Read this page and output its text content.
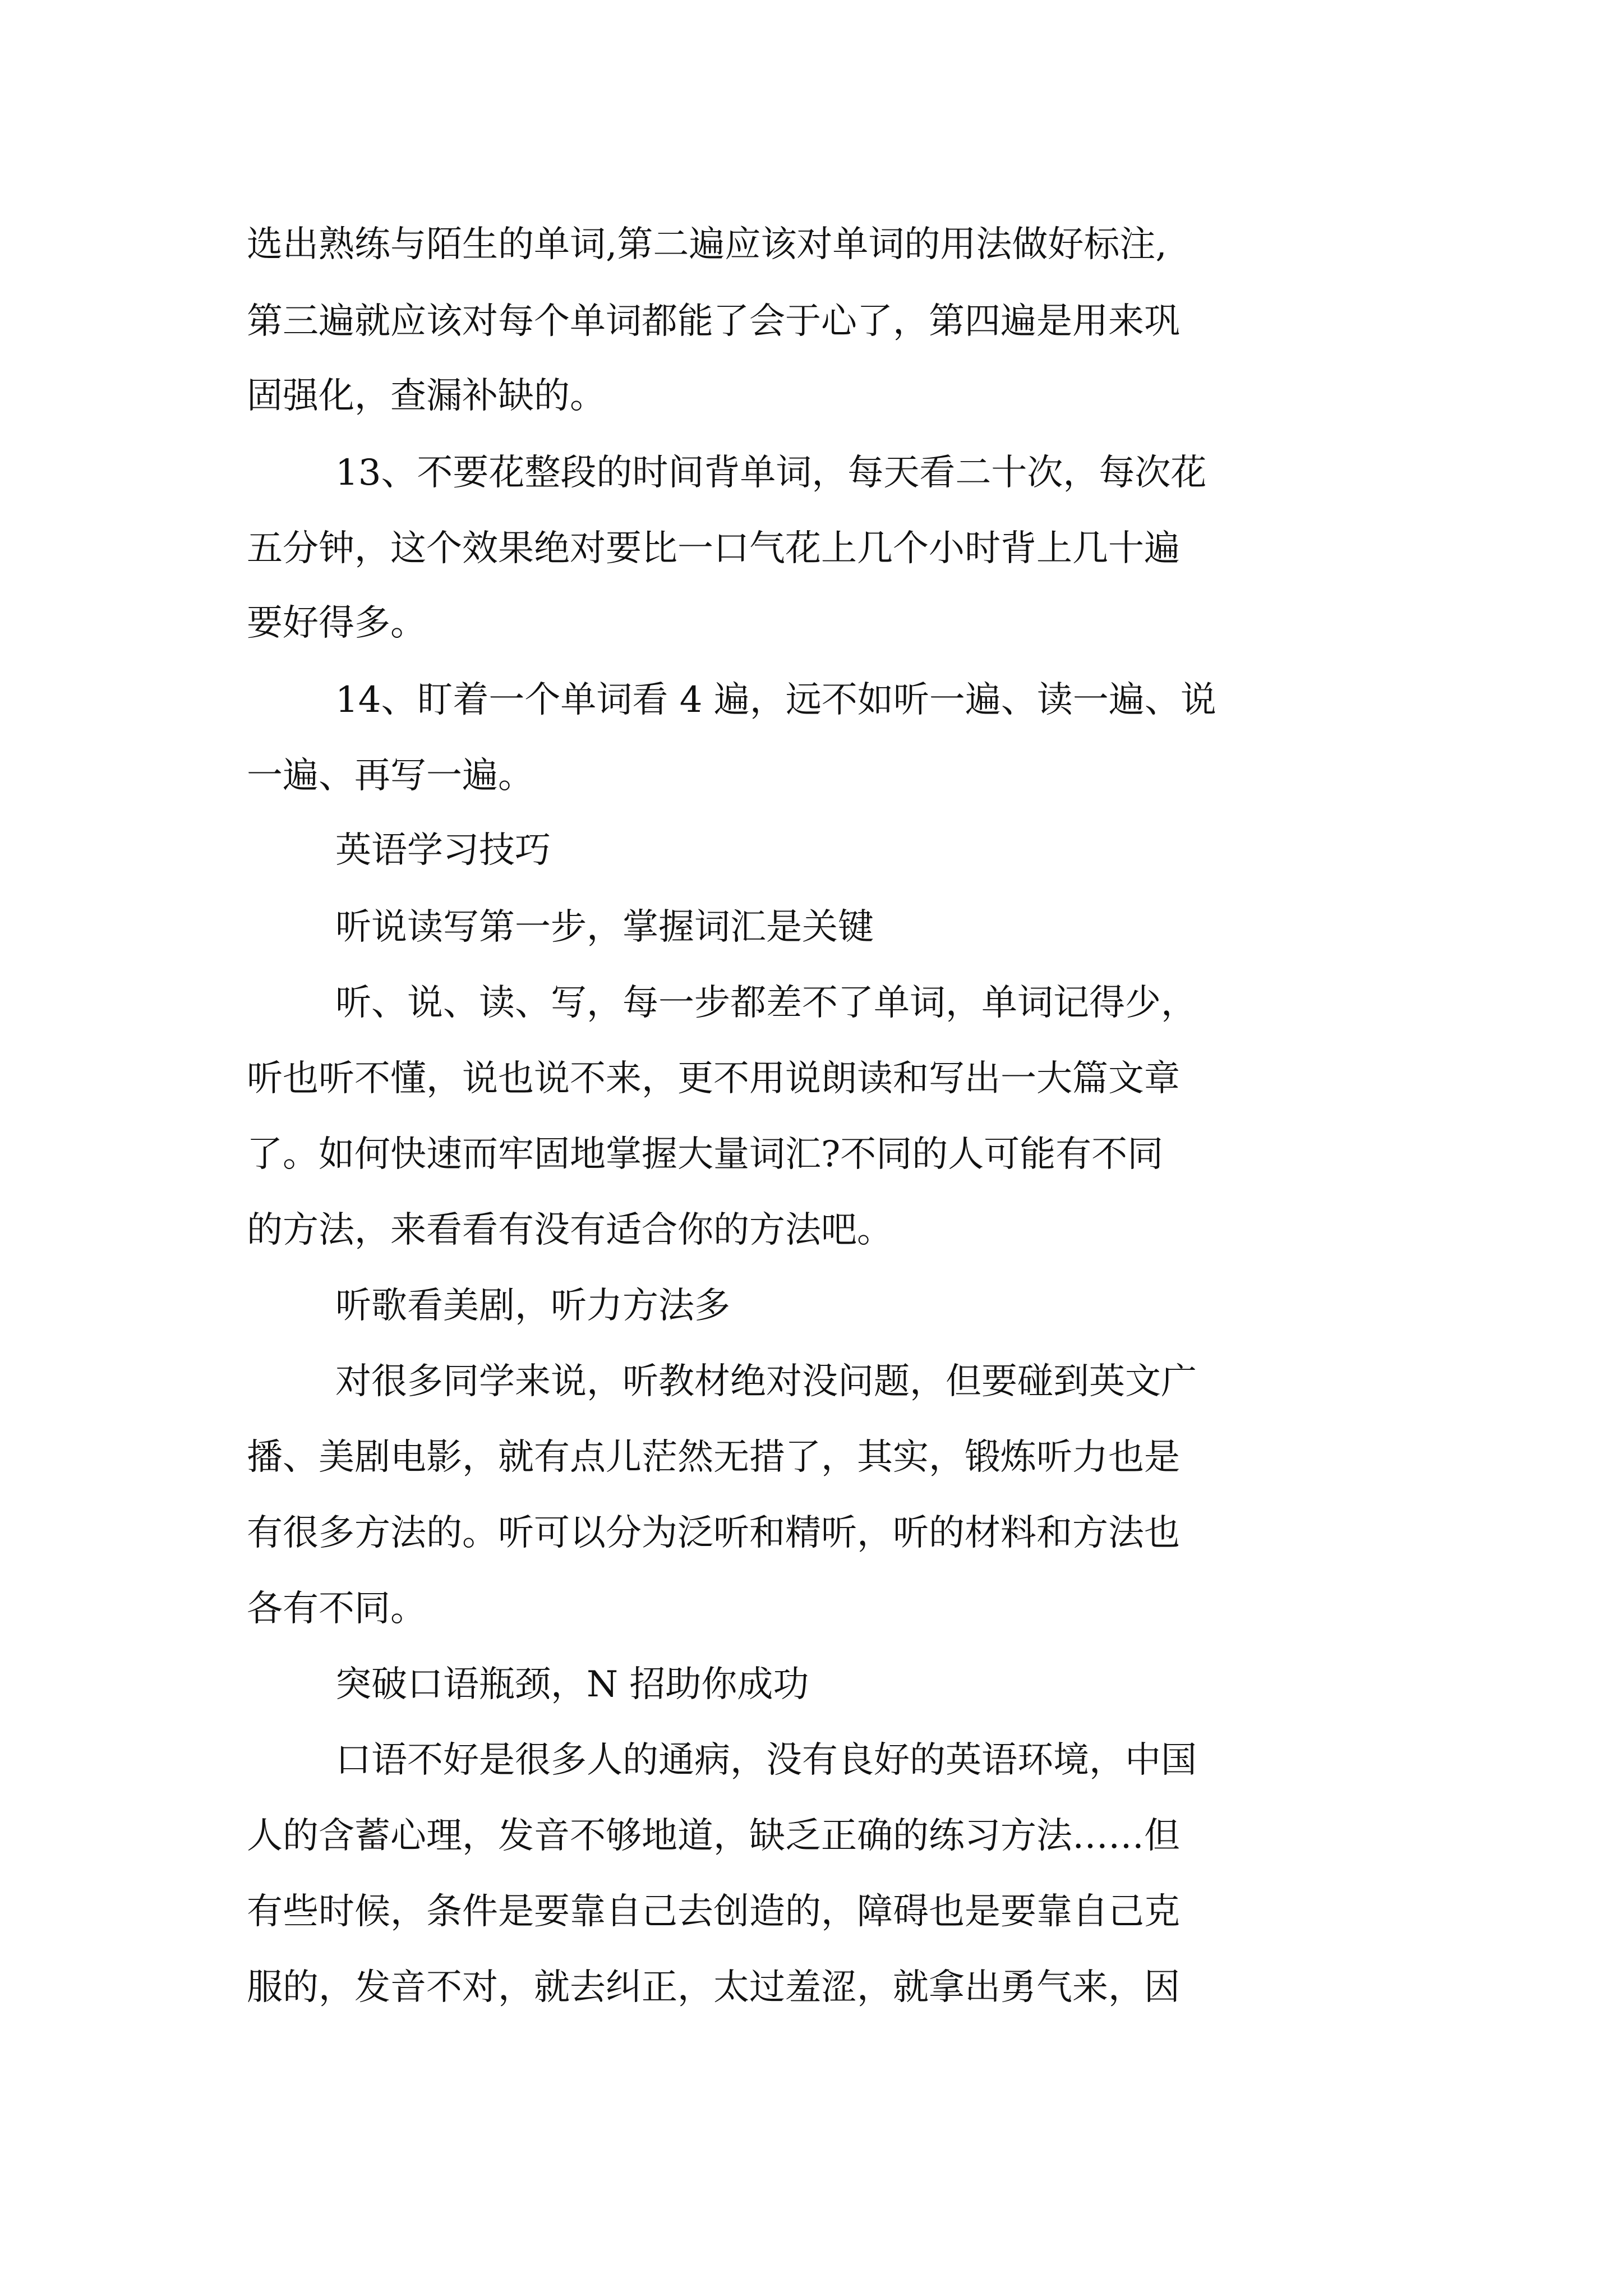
选出熟练与陌生的单词,第二遍应该对单词的用法做好标注,

第三遍就应该对每个单词都能了会于心了，第四遍是用来巩

固强化，查漏补缺的。

13、不要花整段的时间背单词，每天看二十次，每次花

五分钟，这个效果绝对要比一口气花上几个小时背上几十遍

要好得多。

14、盯着一个单词看 4 遍，远不如听一遍、读一遍、说

一遍、再写一遍。

英语学习技巧

听说读写第一步，掌握词汇是关键

听、说、读、写，每一步都差不了单词，单词记得少，

听也听不懂，说也说不来，更不用说朗读和写出一大篇文章

了。如何快速而牢固地掌握大量词汇?不同的人可能有不同

的方法，来看看有没有适合你的方法吧。

听歌看美剧，听力方法多

对很多同学来说，听教材绝对没问题，但要碰到英文广

播、美剧电影，就有点儿茫然无措了，其实，锻炼听力也是

有很多方法的。听可以分为泛听和精听，听的材料和方法也

各有不同。

突破口语瓶颈，N 招助你成功

口语不好是很多人的通病，没有良好的英语环境，中国

人的含蓄心理，发音不够地道，缺乏正确的练习方法……但

有些时候，条件是要靠自己去创造的，障碍也是要靠自己克

服的，发音不对，就去纠正，太过羞涩，就拿出勇气来，因
